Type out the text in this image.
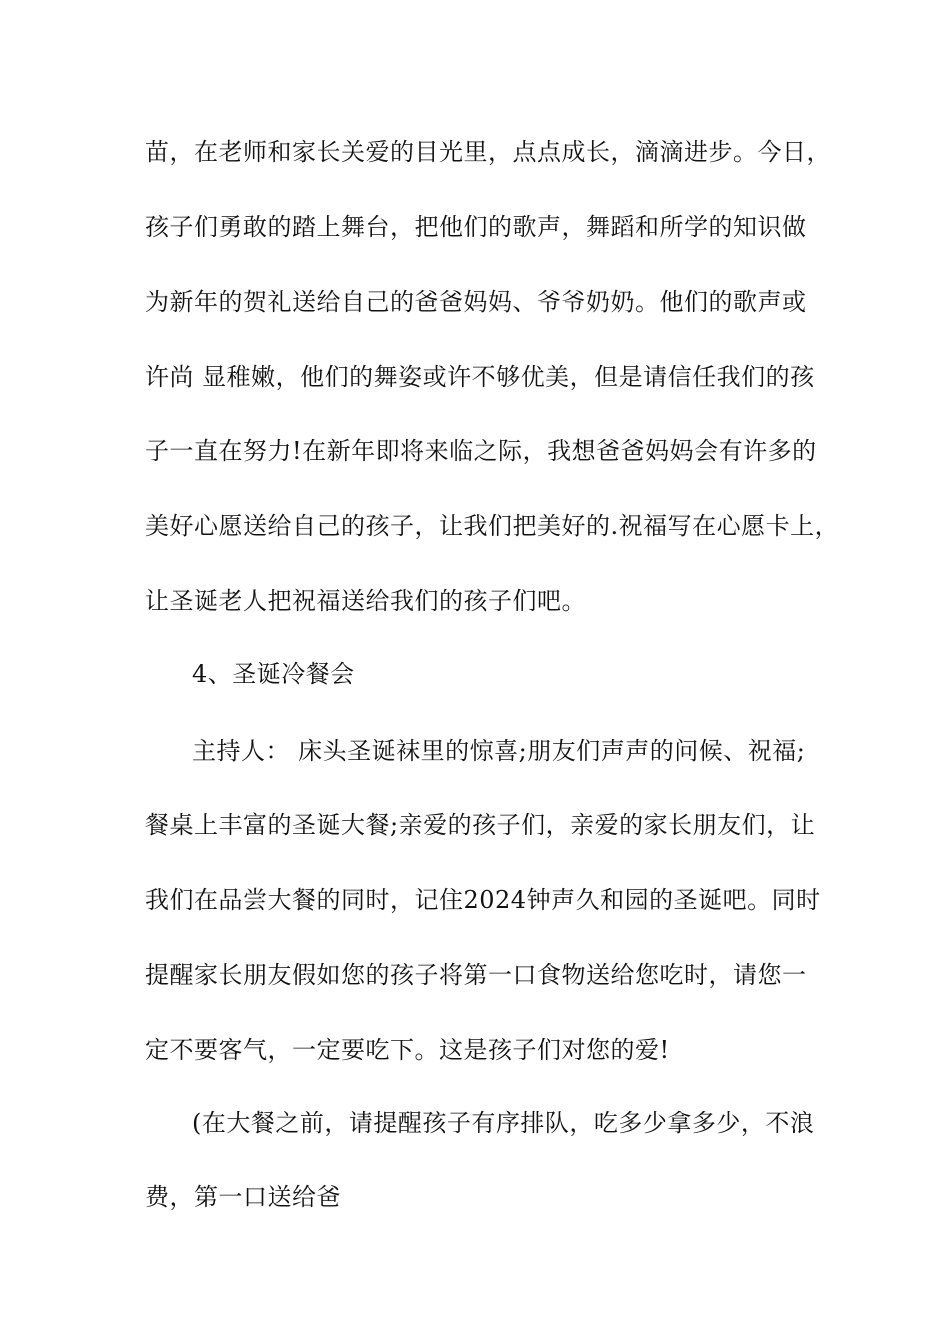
苗，在老师和家长关爱的目光里，点点成长，滴滴进步。今日，
孩子们勇敢的踏上舞台，把他们的歌声，舞蹈和所学的知识做
为新年的贺礼送给自己的爸爸妈妈、爷爷奶奶。他们的歌声或
许尚 显稚嫩，他们的舞姿或许不够优美，但是请信任我们的孩
子一直在努力!在新年即将来临之际，我想爸爸妈妈会有许多的
美好心愿送给自己的孩子，让我们把美好的.祝福写在心愿卡上，
让圣诞老人把祝福送给我们的孩子们吧。
4、圣诞冷餐会
主持人： 床头圣诞袜里的惊喜;朋友们声声的问候、祝福;
餐桌上丰富的圣诞大餐;亲爱的孩子们，亲爱的家长朋友们，让
我们在品尝大餐的同时，记住2024钟声久和园的圣诞吧。同时
提醒家长朋友假如您的孩子将第一口食物送给您吃时，请您一
定不要客气，一定要吃下。这是孩子们对您的爱!
(在大餐之前，请提醒孩子有序排队，吃多少拿多少，不浪
费，第一口送给爸
